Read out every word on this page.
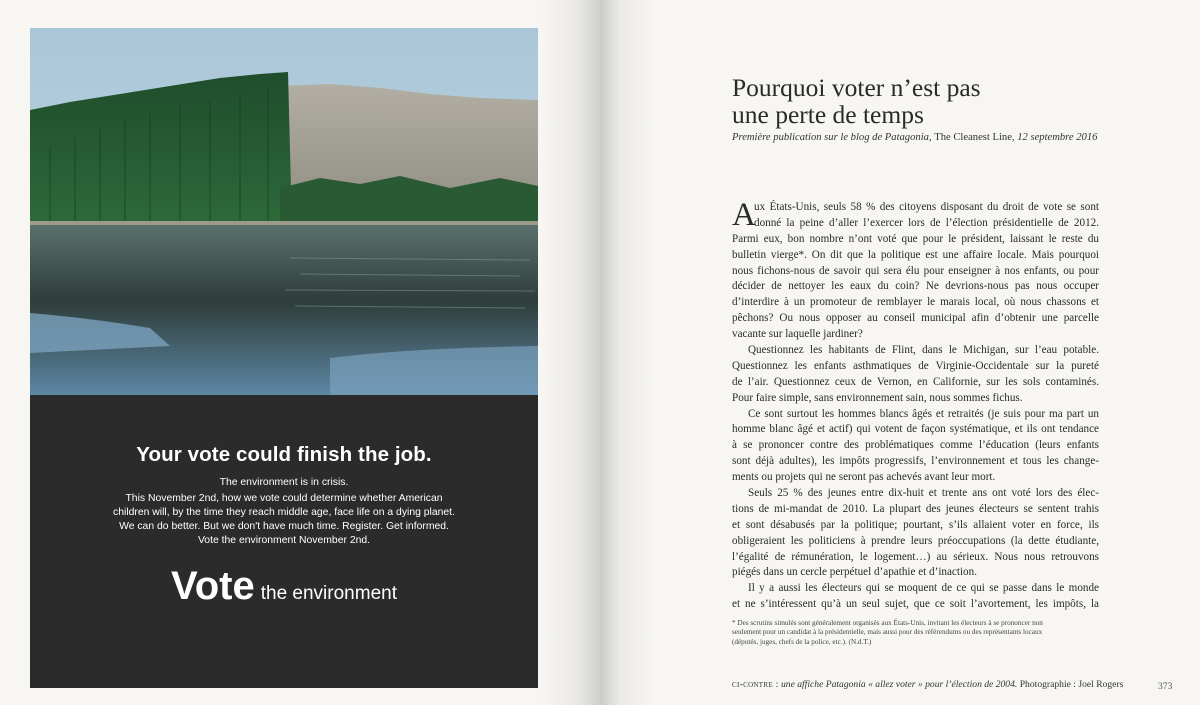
Your vote could finish the job.

The environment is in crisis.

This November 2nd, how we vote could determine whether American
children will, by the time they reach middle age, face life on a dying planet.
We can do better. But we don't have much time. Register. Get informed.
Vote the environment November 2nd.

Vote the environment
Pourquoi voter n’est pas
une perte de temps
Première publication sur le blog de Patagonia, The Cleanest Line, 12 septembre 2016
A
ux États-Unis, seuls 58 % des citoyens disposant du droit de vote se sont
donné la peine d’aller l’exercer lors de l’élection présidentielle de 2012.
Parmi eux, bon nombre n’ont voté que pour le président, laissant le reste du
bulletin vierge*. On dit que la politique est une affaire locale. Mais pourquoi
nous fichons-nous de savoir qui sera élu pour enseigner à nos enfants, ou pour
décider de nettoyer les eaux du coin? Ne devrions-nous pas nous occuper
d’interdire à un promoteur de remblayer le marais local, où nous chassons et
pêchons? Ou nous opposer au conseil municipal afin d’obtenir une parcelle
vacante sur laquelle jardiner?
Questionnez les habitants de Flint, dans le Michigan, sur l’eau potable.
Questionnez les enfants asthmatiques de Virginie-Occidentale sur la pureté
de l’air. Questionnez ceux de Vernon, en Californie, sur les sols contaminés.
Pour faire simple, sans environnement sain, nous sommes fichus.
Ce sont surtout les hommes blancs âgés et retraités (je suis pour ma part un
homme blanc âgé et actif) qui votent de façon systématique, et ils ont tendance
à se prononcer contre des problématiques comme l’éducation (leurs enfants
sont déjà adultes), les impôts progressifs, l’environnement et tous les change-
ments ou projets qui ne seront pas achevés avant leur mort.
Seuls 25 % des jeunes entre dix-huit et trente ans ont voté lors des élec-
tions de mi-mandat de 2010. La plupart des jeunes électeurs se sentent trahis
et sont désabusés par la politique; pourtant, s’ils allaient voter en force, ils
obligeraient les politiciens à prendre leurs préoccupations (la dette étudiante,
l’égalité de rémunération, le logement…) au sérieux. Nous nous retrouvons
piégés dans un cercle perpétuel d’apathie et d’inaction.
Il y a aussi les électeurs qui se moquent de ce qui se passe dans le monde
et ne s’intéressent qu’à un seul sujet, que ce soit l’avortement, les impôts, la
* Des scrutins simulés sont généralement organisés aux États-Unis, invitant les électeurs à se prononcer non
seulement pour un candidat à la présidentielle, mais aussi pour des référendums ou des représentants locaux
(députés, juges, chefs de la police, etc.). (N.d.T.)
ci-contre : une affiche Patagonia « allez voter » pour l’élection de 2004. Photographie : Joel Rogers	373
